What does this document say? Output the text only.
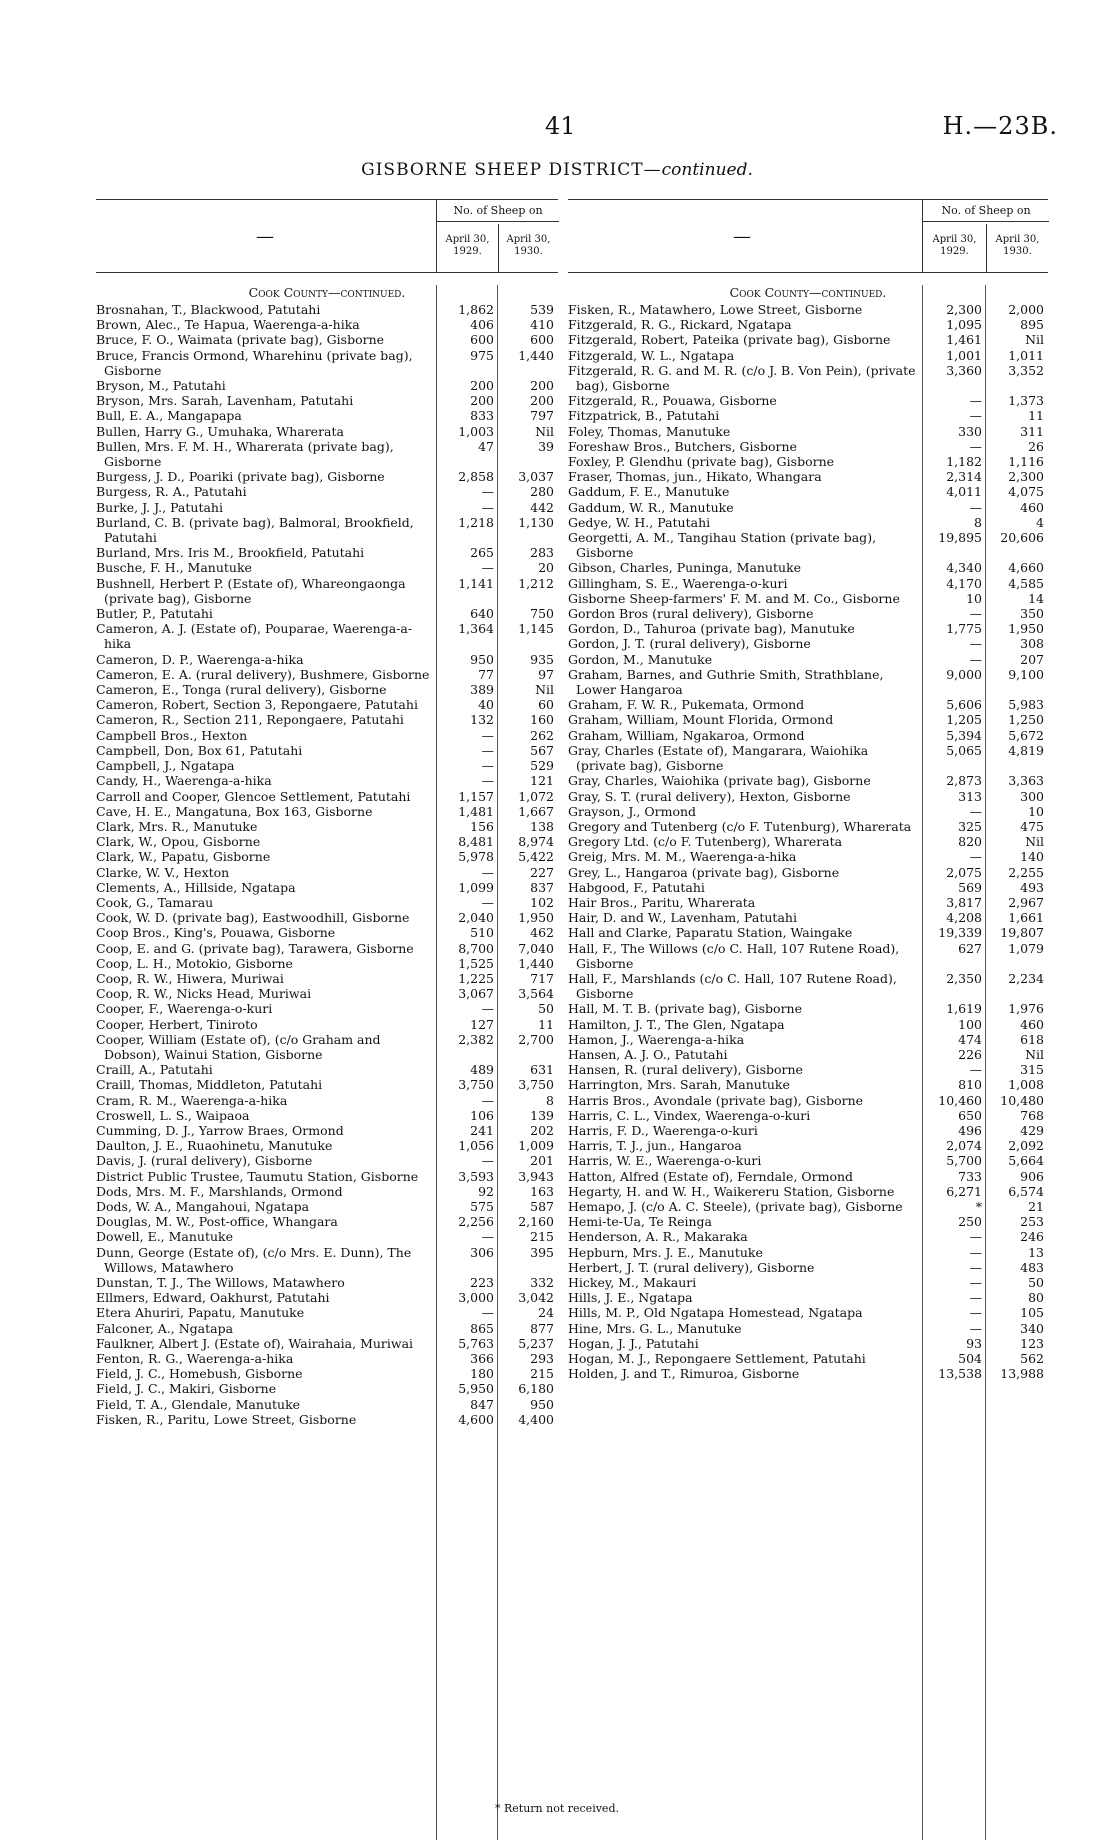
41	H.—23B.
GISBORNE SHEEP DISTRICT—continued.
—
No. of Sheep on
April 30, 1929.
April 30, 1930.
Cook County—continued.
Brosnahan, T., Blackwood, Patutahi	1,862	539
Brown, Alec., Te Hapua, Waerenga-a-hika	406	410
Bruce, F. O., Waimata (private bag), Gisborne	600	600
Bruce, Francis Ormond, Wharehinu (private bag), Gisborne
975	1,440
Bryson, M., Patutahi	200	200
Bryson, Mrs. Sarah, Lavenham, Patutahi	200	200
Bull, E. A., Mangapapa	833	797
Bullen, Harry G., Umuhaka, Wharerata	1,003	Nil
Bullen, Mrs. F. M. H., Wharerata (private bag), Gisborne
47	39
Burgess, J. D., Poariki (private bag), Gisborne	2,858	3,037
Burgess, R. A., Patutahi	—	280
Burke, J. J., Patutahi	—	442
Burland, C. B. (private bag), Balmoral, Brookfield, Patutahi
1,218	1,130
Burland, Mrs. Iris M., Brookfield, Patutahi	265	283
Busche, F. H., Manutuke	—	20
Bushnell, Herbert P. (Estate of), Whareongaonga (private bag), Gisborne
1,141	1,212
Butler, P., Patutahi	640	750
Cameron, A. J. (Estate of), Pouparae, Waerenga-a-hika
1,364	1,145
Cameron, D. P., Waerenga-a-hika	950	935
Cameron, E. A. (rural delivery), Bushmere, Gisborne	77	97
Cameron, E., Tonga (rural delivery), Gisborne	389	Nil
Cameron, Robert, Section 3, Repongaere, Patutahi	40	60
Cameron, R., Section 211, Repongaere, Patutahi	132	160
Campbell Bros., Hexton	—	262
Campbell, Don, Box 61, Patutahi	—	567
Campbell, J., Ngatapa	—	529
Candy, H., Waerenga-a-hika	—	121
Carroll and Cooper, Glencoe Settlement, Patutahi	1,157	1,072
Cave, H. E., Mangatuna, Box 163, Gisborne	1,481	1,667
Clark, Mrs. R., Manutuke	156	138
Clark, W., Opou, Gisborne	8,481	8,974
Clark, W., Papatu, Gisborne	5,978	5,422
Clarke, W. V., Hexton	—	227
Clements, A., Hillside, Ngatapa	1,099	837
Cook, G., Tamarau	—	102
Cook, W. D. (private bag), Eastwoodhill, Gisborne	2,040	1,950
Coop Bros., King's, Pouawa, Gisborne	510	462
Coop, E. and G. (private bag), Tarawera, Gisborne	8,700	7,040
Coop, L. H., Motokio, Gisborne	1,525	1,440
Coop, R. W., Hiwera, Muriwai	1,225	717
Coop, R. W., Nicks Head, Muriwai	3,067	3,564
Cooper, F., Waerenga-o-kuri	—	50
Cooper, Herbert, Tiniroto	127	11
Cooper, William (Estate of), (c/o Graham and Dobson), Wainui Station, Gisborne
2,382	2,700
Craill, A., Patutahi	489	631
Craill, Thomas, Middleton, Patutahi	3,750	3,750
Cram, R. M., Waerenga-a-hika	—	8
Croswell, L. S., Waipaoa	106	139
Cumming, D. J., Yarrow Braes, Ormond	241	202
Daulton, J. E., Ruaohinetu, Manutuke	1,056	1,009
Davis, J. (rural delivery), Gisborne	—	201
District Public Trustee, Taumutu Station, Gisborne	3,593	3,943
Dods, Mrs. M. F., Marshlands, Ormond	92	163
Dods, W. A., Mangahoui, Ngatapa	575	587
Douglas, M. W., Post-office, Whangara	2,256	2,160
Dowell, E., Manutuke	—	215
Dunn, George (Estate of), (c/o Mrs. E. Dunn), The Willows, Matawhero
306	395
Dunstan, T. J., The Willows, Matawhero	223	332
Ellmers, Edward, Oakhurst, Patutahi	3,000	3,042
Etera Ahuriri, Papatu, Manutuke	—	24
Falconer, A., Ngatapa	865	877
Faulkner, Albert J. (Estate of), Wairahaia, Muriwai	5,763	5,237
Fenton, R. G., Waerenga-a-hika	366	293
Field, J. C., Homebush, Gisborne	180	215
Field, J. C., Makiri, Gisborne	5,950	6,180
Field, T. A., Glendale, Manutuke	847	950
Fisken, R., Paritu, Lowe Street, Gisborne	4,600	4,400
—
No. of Sheep on
April 30, 1929.
April 30, 1930.
Cook County—continued.
Fisken, R., Matawhero, Lowe Street, Gisborne	2,300	2,000
Fitzgerald, R. G., Rickard, Ngatapa	1,095	895
Fitzgerald, Robert, Pateika (private bag), Gisborne	1,461	Nil
Fitzgerald, W. L., Ngatapa	1,001	1,011
Fitzgerald, R. G. and M. R. (c/o J. B. Von Pein), (private bag), Gisborne
3,360	3,352
Fitzgerald, R., Pouawa, Gisborne	—	1,373
Fitzpatrick, B., Patutahi	—	11
Foley, Thomas, Manutuke	330	311
Foreshaw Bros., Butchers, Gisborne	—	26
Foxley, P. Glendhu (private bag), Gisborne	1,182	1,116
Fraser, Thomas, jun., Hikato, Whangara	2,314	2,300
Gaddum, F. E., Manutuke	4,011	4,075
Gaddum, W. R., Manutuke	—	460
Gedye, W. H., Patutahi	8	4
Georgetti, A. M., Tangihau Station (private bag), Gisborne
19,895	20,606
Gibson, Charles, Puninga, Manutuke	4,340	4,660
Gillingham, S. E., Waerenga-o-kuri	4,170	4,585
Gisborne Sheep-farmers' F. M. and M. Co., Gisborne	10	14
Gordon Bros (rural delivery), Gisborne	—	350
Gordon, D., Tahuroa (private bag), Manutuke	1,775	1,950
Gordon, J. T. (rural delivery), Gisborne	—	308
Gordon, M., Manutuke	—	207
Graham, Barnes, and Guthrie Smith, Strathblane, Lower Hangaroa
9,000	9,100
Graham, F. W. R., Pukemata, Ormond	5,606	5,983
Graham, William, Mount Florida, Ormond	1,205	1,250
Graham, William, Ngakaroa, Ormond	5,394	5,672
Gray, Charles (Estate of), Mangarara, Waiohika (private bag), Gisborne
5,065	4,819
Gray, Charles, Waiohika (private bag), Gisborne	2,873	3,363
Gray, S. T. (rural delivery), Hexton, Gisborne	313	300
Grayson, J., Ormond	—	10
Gregory and Tutenberg (c/o F. Tutenburg), Wharerata	325	475
Gregory Ltd. (c/o F. Tutenberg), Wharerata	820	Nil
Greig, Mrs. M. M., Waerenga-a-hika	—	140
Grey, L., Hangaroa (private bag), Gisborne	2,075	2,255
Habgood, F., Patutahi	569	493
Hair Bros., Paritu, Wharerata	3,817	2,967
Hair, D. and W., Lavenham, Patutahi	4,208	1,661
Hall and Clarke, Paparatu Station, Waingake	19,339	19,807
Hall, F., The Willows (c/o C. Hall, 107 Rutene Road), Gisborne
627	1,079
Hall, F., Marshlands (c/o C. Hall, 107 Rutene Road), Gisborne
2,350	2,234
Hall, M. T. B. (private bag), Gisborne	1,619	1,976
Hamilton, J. T., The Glen, Ngatapa	100	460
Hamon, J., Waerenga-a-hika	474	618
Hansen, A. J. O., Patutahi	226	Nil
Hansen, R. (rural delivery), Gisborne	—	315
Harrington, Mrs. Sarah, Manutuke	810	1,008
Harris Bros., Avondale (private bag), Gisborne	10,460	10,480
Harris, C. L., Vindex, Waerenga-o-kuri	650	768
Harris, F. D., Waerenga-o-kuri	496	429
Harris, T. J., jun., Hangaroa	2,074	2,092
Harris, W. E., Waerenga-o-kuri	5,700	5,664
Hatton, Alfred (Estate of), Ferndale, Ormond	733	906
Hegarty, H. and W. H., Waikereru Station, Gisborne	6,271	6,574
Hemapo, J. (c/o A. C. Steele), (private bag), Gisborne	*	21
Hemi-te-Ua, Te Reinga	250	253
Henderson, A. R., Makaraka	—	246
Hepburn, Mrs. J. E., Manutuke	—	13
Herbert, J. T. (rural delivery), Gisborne	—	483
Hickey, M., Makauri	—	50
Hills, J. E., Ngatapa	—	80
Hills, M. P., Old Ngatapa Homestead, Ngatapa	—	105
Hine, Mrs. G. L., Manutuke	—	340
Hogan, J. J., Patutahi	93	123
Hogan, M. J., Repongaere Settlement, Patutahi	504	562
Holden, J. and T., Rimuroa, Gisborne	13,538	13,988
* Return not received.
